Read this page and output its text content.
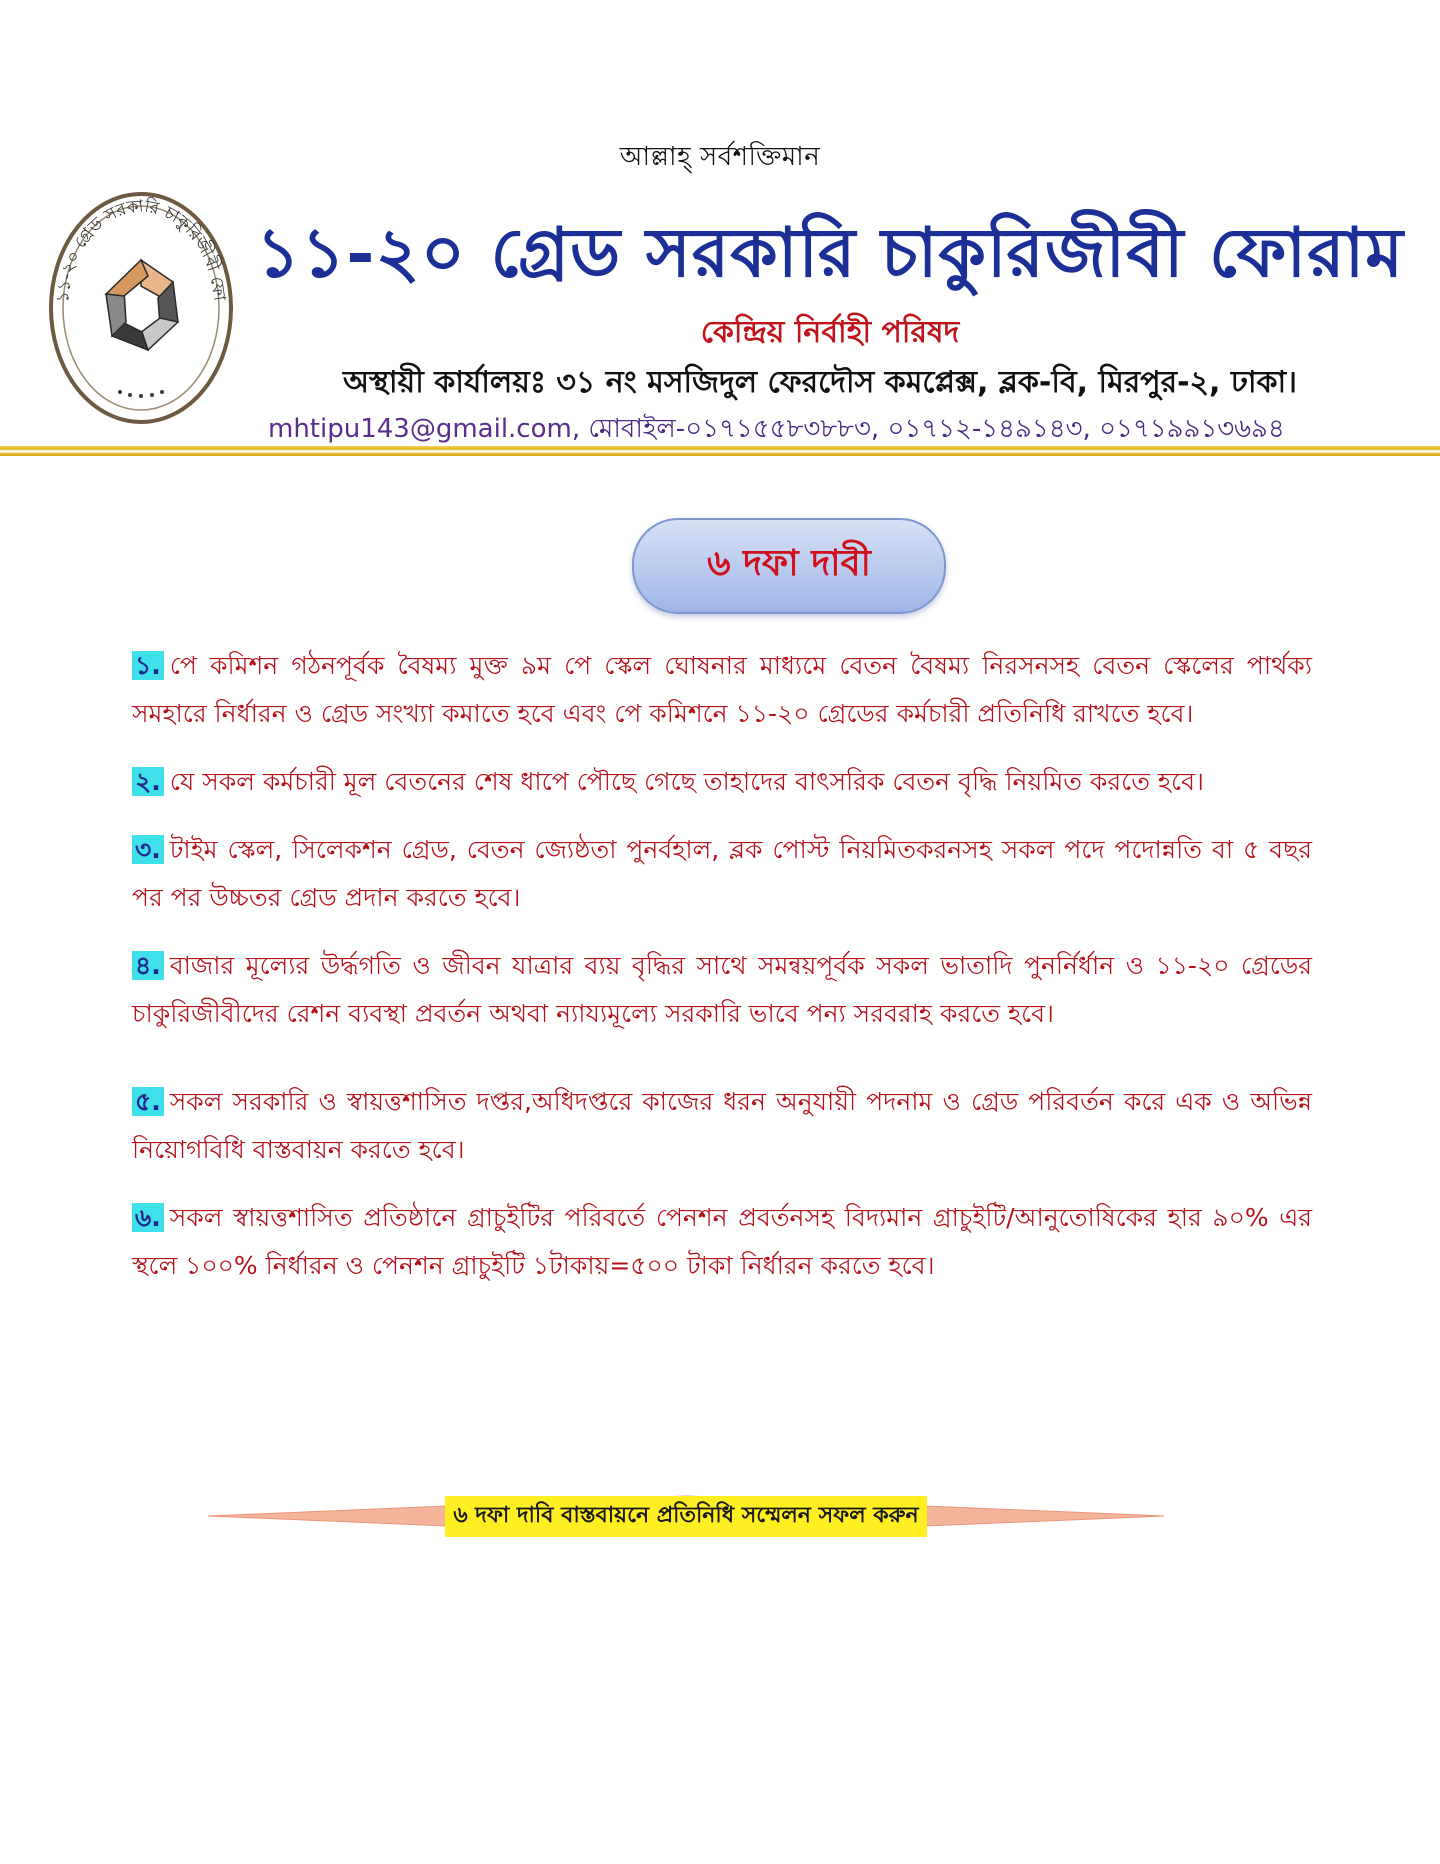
আল্লাহ্ সর্বশক্তিমান
১১-২০ গ্রেড সরকারি চাকুরিজীবী ফো ১১-২০ গ্রেড সরকারি চাকুরিজীবী ফোরাম
কেন্দ্রিয় নির্বাহী পরিষদ
অস্থায়ী কার্যালয়ঃ ৩১ নং মসজিদুল ফেরদৌস কমপ্লেক্স, ব্লক-বি, মিরপুর-২, ঢাকা।
mhtipu143@gmail.com, মোবাইল-০১৭১৫৫৮৩৮৮৩, ০১৭১২-১৪৯১৪৩, ০১৭১৯৯১৩৬৯৪
৬ দফা দাবী

১. পে কমিশন গঠনপূর্বক বৈষম্য মুক্ত ৯ম পে স্কেল ঘোষনার মাধ্যমে বেতন বৈষম্য নিরসনসহ বেতন স্কেলের পার্থক্য সমহারে নির্ধারন ও গ্রেড সংখ্যা কমাতে হবে এবং পে কমিশনে ১১-২০ গ্রেডের কর্মচারী প্রতিনিধি রাখতে হবে।

২. যে সকল কর্মচারী মূল বেতনের শেষ ধাপে পৌছে গেছে তাহাদের বাৎসরিক বেতন বৃদ্ধি নিয়মিত করতে হবে।

৩. টাইম স্কেল, সিলেকশন গ্রেড, বেতন জ্যেষ্ঠতা পুনর্বহাল, ব্লক পোস্ট নিয়মিতকরনসহ সকল পদে পদোন্নতি বা ৫ বছর পর পর উচ্চতর গ্রেড প্রদান করতে হবে।

৪. বাজার মূল্যের উর্দ্ধগতি ও জীবন যাত্রার ব্যয় বৃদ্ধির সাথে সমন্বয়পূর্বক সকল ভাতাদি পুনর্নির্ধান ও ১১-২০ গ্রেডের চাকুরিজীবীদের রেশন ব্যবস্থা প্রবর্তন অথবা ন্যায্যমূল্যে সরকারি ভাবে পন্য সরবরাহ করতে হবে।

৫. সকল সরকারি ও স্বায়ত্তশাসিত দপ্তর,অধিদপ্তরে কাজের ধরন অনুযায়ী পদনাম ও গ্রেড পরিবর্তন করে এক ও অভিন্ন নিয়োগবিধি বাস্তবায়ন করতে হবে।

৬. সকল স্বায়ত্তশাসিত প্রতিষ্ঠানে গ্রাচুইটির পরিবর্তে পেনশন প্রবর্তনসহ বিদ্যমান গ্রাচুইটি/আনুতোষিকের হার ৯০% এর স্থলে ১০০% নির্ধারন ও পেনশন গ্রাচুইটি ১টাকায়=৫০০ টাকা নির্ধারন করতে হবে।

৬ দফা দাবি বাস্তবায়নে প্রতিনিধি সম্মেলন সফল করুন
